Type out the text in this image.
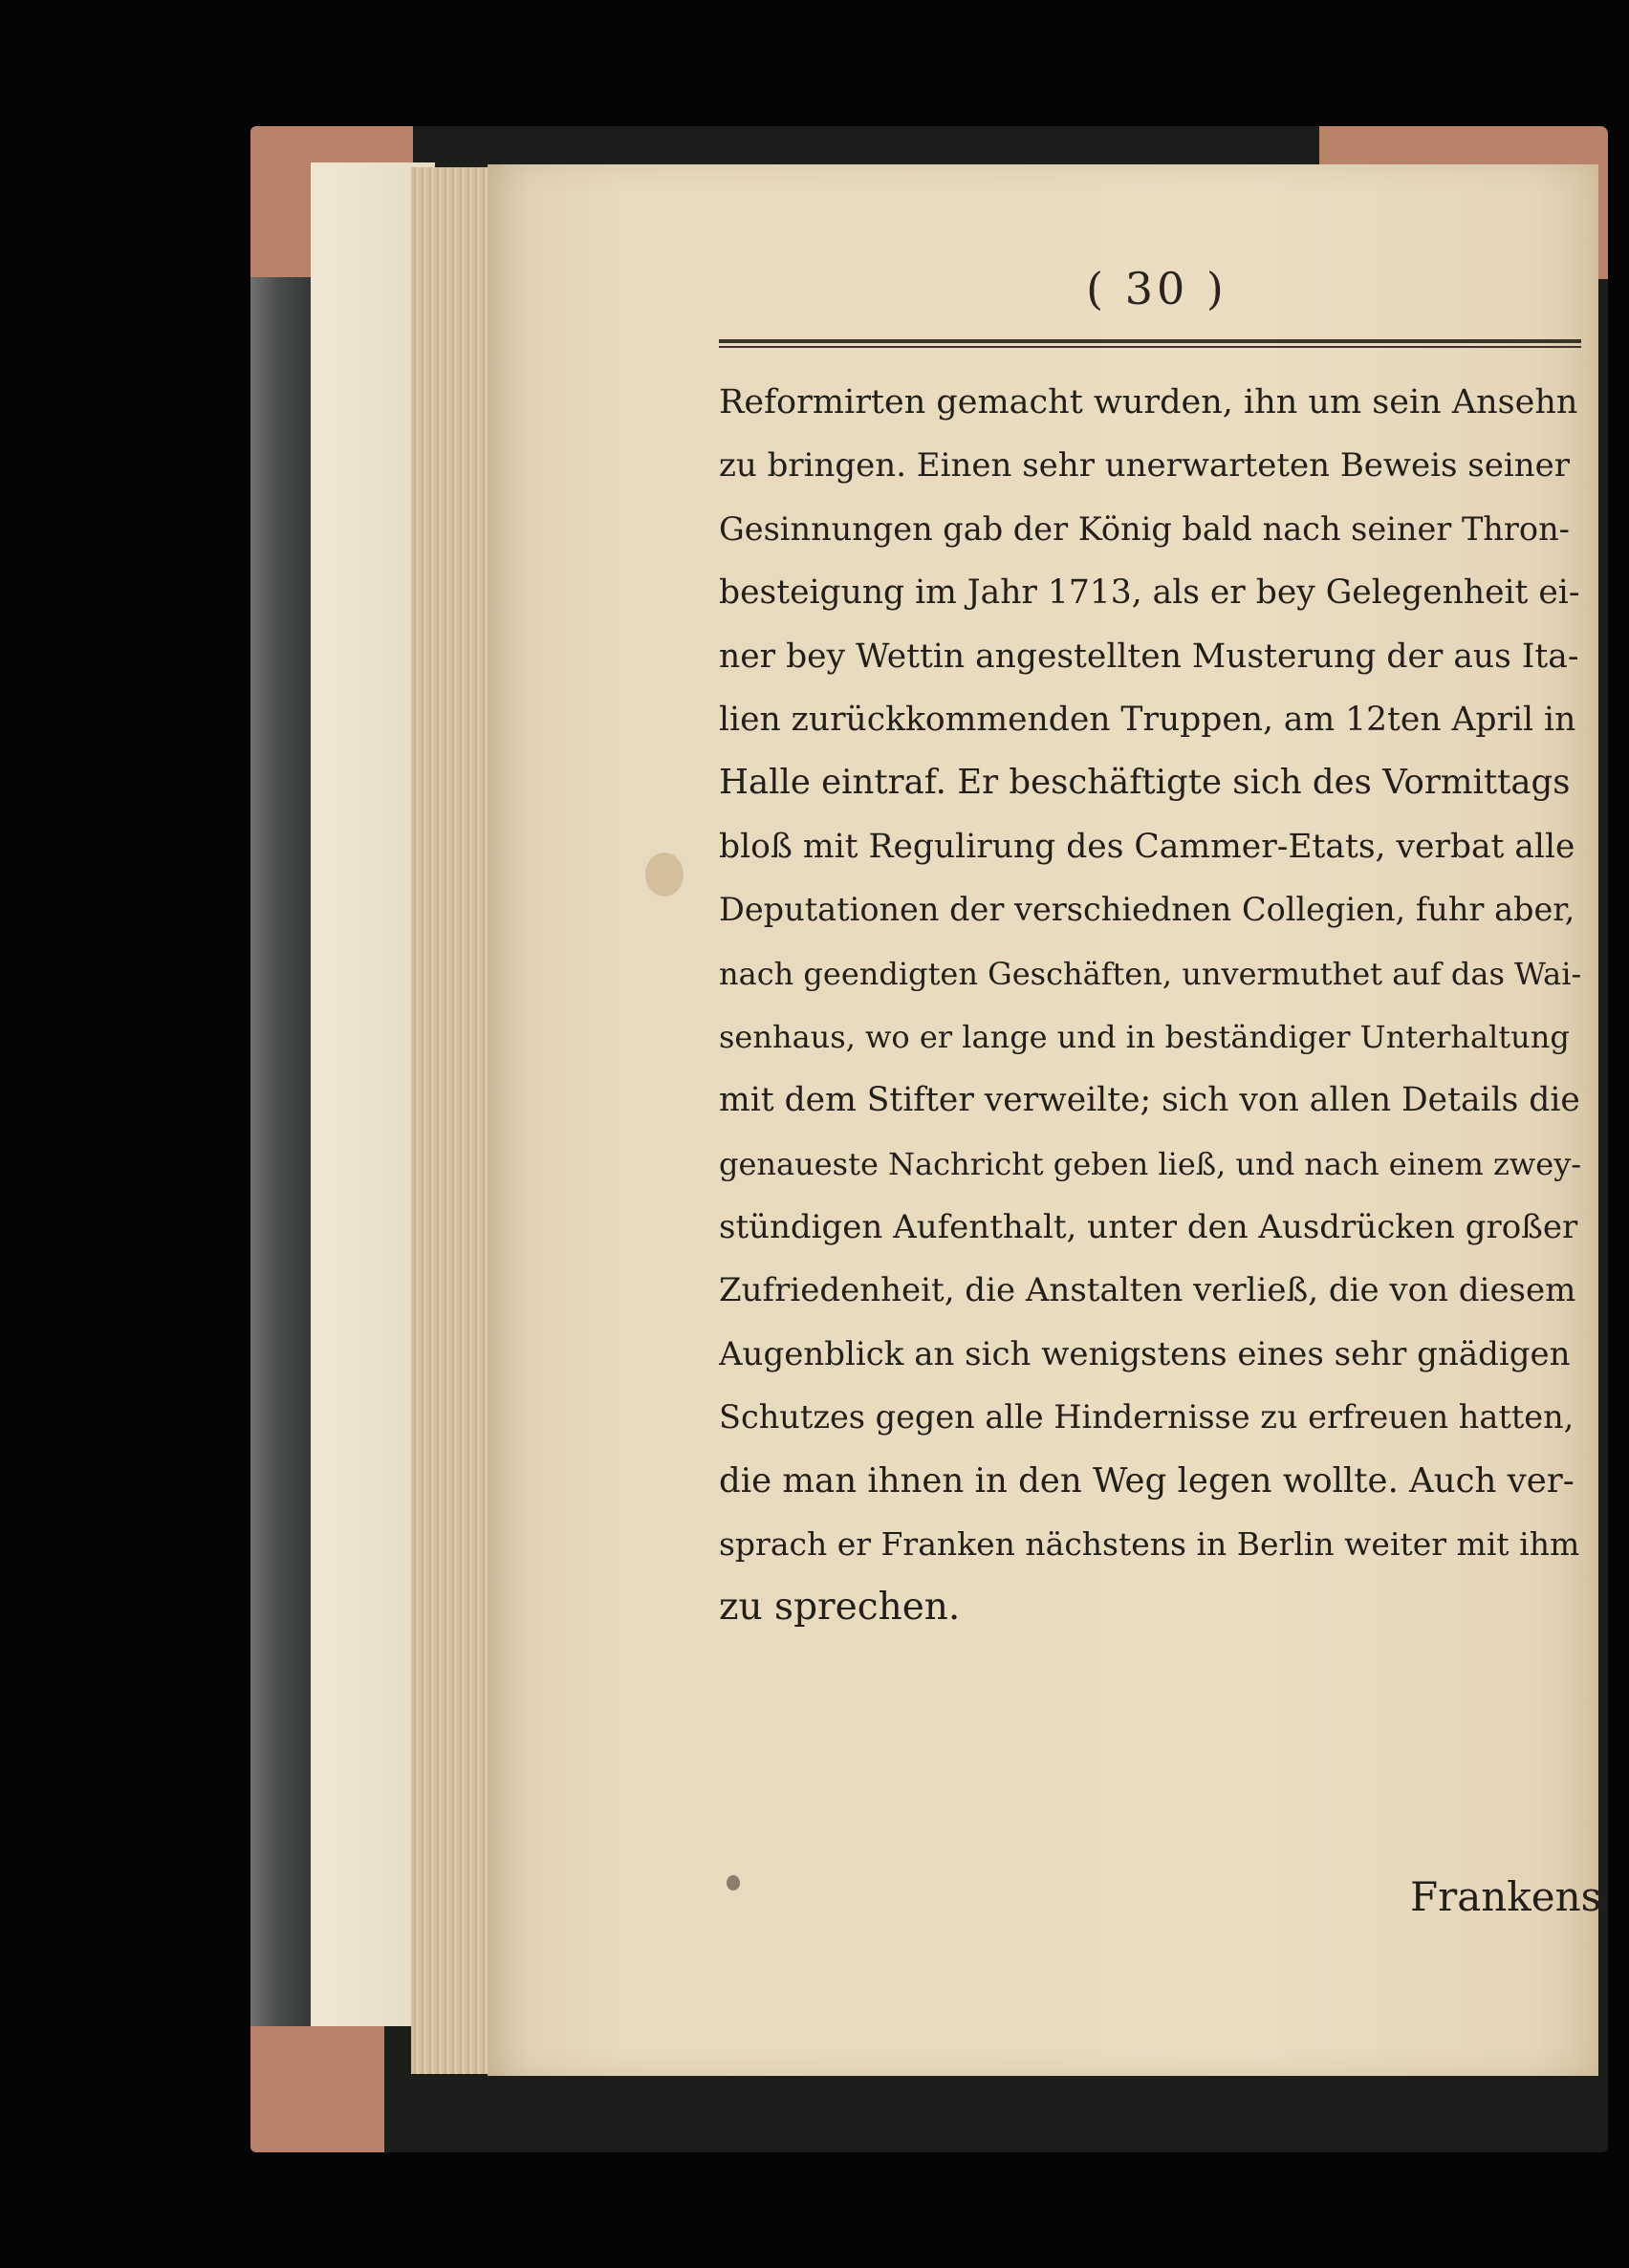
( 30 )
Reformirten gemacht wurden, ihn um sein Ansehn
zu bringen. Einen sehr unerwarteten Beweis seiner
Gesinnungen gab der König bald nach seiner Thron-
besteigung im Jahr 1713, als er bey Gelegenheit ei-
ner bey Wettin angestellten Musterung der aus Ita-
lien zurückkommenden Truppen, am 12ten April in
Halle eintraf. Er beschäftigte sich des Vormittags
bloß mit Regulirung des Cammer-Etats, verbat alle
Deputationen der verschiednen Collegien, fuhr aber,
nach geendigten Geschäften, unvermuthet auf das Wai-
senhaus, wo er lange und in beständiger Unterhaltung
mit dem Stifter verweilte; sich von allen Details die
genaueste Nachricht geben ließ, und nach einem zwey-
stündigen Aufenthalt, unter den Ausdrücken großer
Zufriedenheit, die Anstalten verließ, die von diesem
Augenblick an sich wenigstens eines sehr gnädigen
Schutzes gegen alle Hindernisse zu erfreuen hatten,
die man ihnen in den Weg legen wollte. Auch ver-
sprach er Franken nächstens in Berlin weiter mit ihm
zu sprechen.
Frankens
